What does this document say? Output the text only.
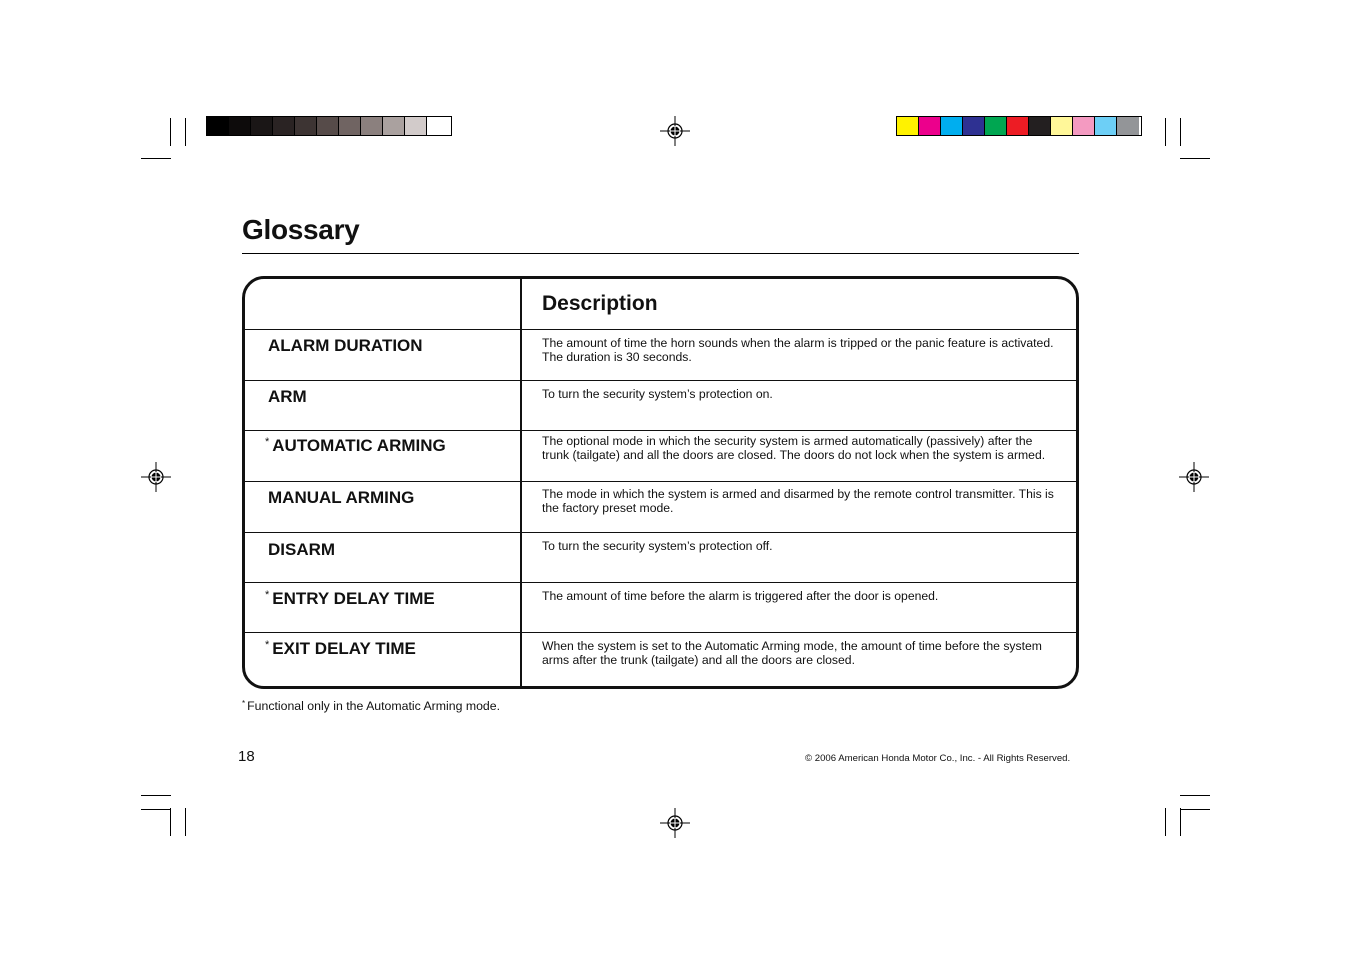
Glossary
Description
ALARM DURATION	The amount of time the horn sounds when the alarm is tripped or the panic feature is activated. The duration is 30 seconds.
ARM	To turn the security system’s protection on.
* AUTOMATIC ARMING	The optional mode in which the security system is armed automatically (passively) after the trunk (tailgate) and all the doors are closed. The doors do not lock when the system is armed.
MANUAL ARMING	The mode in which the system is armed and disarmed by the remote control transmitter. This is the factory preset mode.
DISARM	To turn the security system’s protection off.
* ENTRY DELAY TIME	The amount of time before the alarm is triggered after the door is opened.
* EXIT DELAY TIME	When the system is set to the Automatic Arming mode, the amount of time before the system arms after the trunk (tailgate) and all the doors are closed.
* Functional only in the Automatic Arming mode.
18	© 2006 American Honda Motor Co., Inc. - All Rights Reserved.
